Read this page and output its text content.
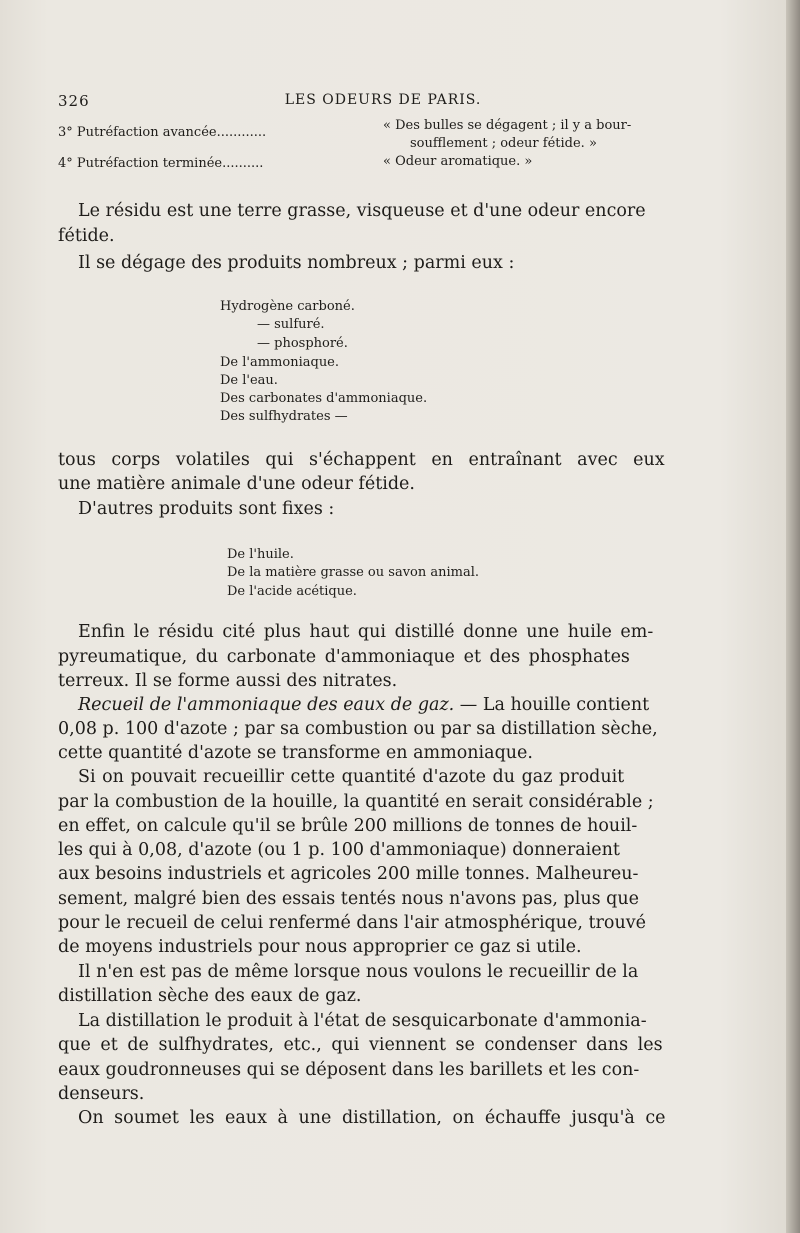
326	LES ODEURS DE PARIS.
3° Putréfaction avancée............	« Des bulles se dégagent ; il y a bour-
soufflement ; odeur fétide. »
4° Putréfaction terminée..........	« Odeur aromatique. »
Le résidu est une terre grasse, visqueuse et d'une odeur encore
fétide.
Il se dégage des produits nombreux ; parmi eux :
Hydrogène carboné.
— sulfuré.
— phosphoré.
De l'ammoniaque.
De l'eau.
Des carbonates d'ammoniaque.
Des sulfhydrates —
tous corps volatiles qui s'échappent en entraînant avec eux
une matière animale d'une odeur fétide.
D'autres produits sont fixes :
De l'huile.
De la matière grasse ou savon animal.
De l'acide acétique.
Enfin le résidu cité plus haut qui distillé donne une huile em-
pyreumatique, du carbonate d'ammoniaque et des phosphates
terreux. Il se forme aussi des nitrates.
Recueil de l'ammoniaque des eaux de gaz. — La houille contient
0,08 p. 100 d'azote ; par sa combustion ou par sa distillation sèche,
cette quantité d'azote se transforme en ammoniaque.
Si on pouvait recueillir cette quantité d'azote du gaz produit
par la combustion de la houille, la quantité en serait considérable ;
en effet, on calcule qu'il se brûle 200 millions de tonnes de houil-
les qui à 0,08, d'azote (ou 1 p. 100 d'ammoniaque) donneraient
aux besoins industriels et agricoles 200 mille tonnes. Malheureu-
sement, malgré bien des essais tentés nous n'avons pas, plus que
pour le recueil de celui renfermé dans l'air atmosphérique, trouvé
de moyens industriels pour nous approprier ce gaz si utile.
Il n'en est pas de même lorsque nous voulons le recueillir de la
distillation sèche des eaux de gaz.
La distillation le produit à l'état de sesquicarbonate d'ammonia-
que et de sulfhydrates, etc., qui viennent se condenser dans les
eaux goudronneuses qui se déposent dans les barillets et les con-
denseurs.
On soumet les eaux à une distillation, on échauffe jusqu'à ce
